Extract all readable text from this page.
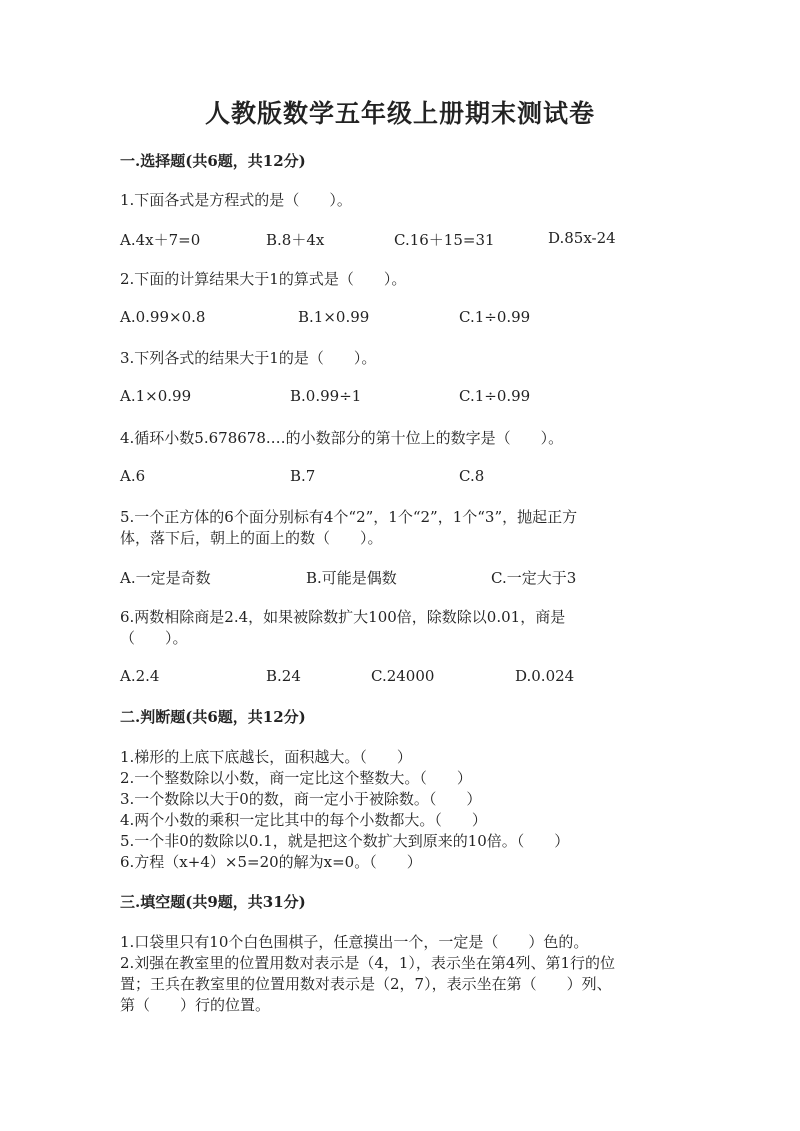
人教版数学五年级上册期末测试卷
一.选择题(共6题，共12分)
1.下面各式是方程式的是（　　）。
A.4x＋7=0	B.8＋4x	C.16＋15=31	D.85x-24
2.下面的计算结果大于1的算式是（　　）。
A.0.99×0.8	B.1×0.99	C.1÷0.99
3.下列各式的结果大于1的是（　　）。
A.1×0.99	B.0.99÷1	C.1÷0.99
4.循环小数5.678678.…的小数部分的第十位上的数字是（　　）。
A.6	B.7	C.8
5.一个正方体的6个面分别标有4个“2”，1个“2”，1个“3”，抛起正方
体，落下后，朝上的面上的数（　　）。
A.一定是奇数	B.可能是偶数	C.一定大于3
6.两数相除商是2.4，如果被除数扩大100倍，除数除以0.01，商是
（　　）。
A.2.4	B.24	C.24000	D.0.024
二.判断题(共6题，共12分)
1.梯形的上底下底越长，面积越大。（　　）
2.一个整数除以小数，商一定比这个整数大。（　　）
3.一个数除以大于0的数，商一定小于被除数。（　　）
4.两个小数的乘积一定比其中的每个小数都大。（　　）
5.一个非0的数除以0.1，就是把这个数扩大到原来的10倍。（　　）
6.方程（x+4）×5=20的解为x=0。（　　）
三.填空题(共9题，共31分)
1.口袋里只有10个白色围棋子，任意摸出一个，一定是（　　）色的。
2.刘强在教室里的位置用数对表示是（4，1），表示坐在第4列、第1行的位
置；王兵在教室里的位置用数对表示是（2，7），表示坐在第（　　）列、
第（　　）行的位置。
